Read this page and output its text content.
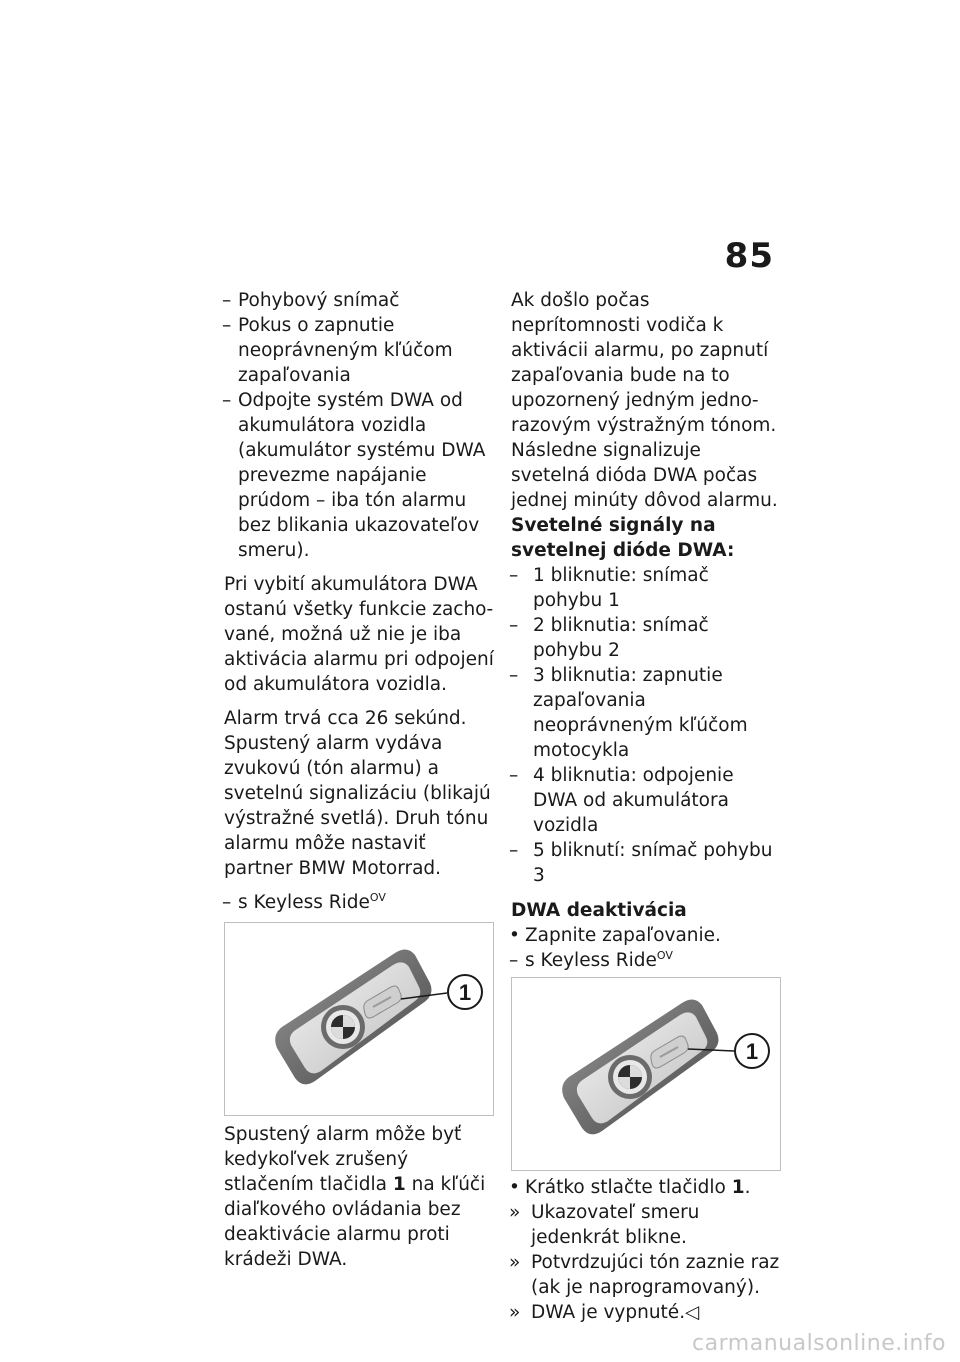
85
– Pohybový snímač
– Pokus o zapnutie neoprávneným kľúčom zapaľovania
– Odpojte systém DWA od akumulátora vozidla (akumulátor systému DWA prevezme napájanie prúdom – iba tón alarmu bez blikania ukazovateľov smeru).

Pri vybití akumulátora DWA ostanú všetky funkcie zachované, možná už nie je iba aktivácia alarmu pri odpojení od akumulátora vozidla.

Alarm trvá cca 26 sekúnd. Spustený alarm vydáva zvukovú (tón alarmu) a svetelnú signalizáciu (blikajú výstražné svetlá). Druh tónu alarmu môže nastaviť partner BMW Motorrad.

– s Keyless Ride$^{OV}$
1

Spustený alarm môže byť kedykoľvek zrušený stlačením tlačidla 1 na kľúči diaľkového ovládania bez deaktivácie alarmu proti krádeži DWA.

Ak došlo počas neprítomnosti vodiča k aktivácii alarmu, po zapnutí zapaľovania bude na to upozornený jedným jednorazovým výstražným tónom. Následne signalizuje svetelná dióda DWA počas jednej minúty dôvod alarmu.

Svetelné signály na svetelnej dióde DWA:
– 1 bliknutie: snímač pohybu 1
– 2 bliknutia: snímač pohybu 2
– 3 bliknutia: zapnutie zapaľovania neoprávneným kľúčom motocykla
– 4 bliknutia: odpojenie DWA od akumulátora vozidla
– 5 bliknutí: snímač pohybu 3
DWA deaktivácia
• Zapnite zapaľovanie.
– s Keyless Ride$^{OV}$
1
• Krátko stlačte tlačidlo 1.
» Ukazovateľ smeru jedenkrát blikne.
» Potvrdzujúci tón zaznie raz (ak je naprogramovaný).
» DWA je vypnuté.◁
carmanualsonline.info
